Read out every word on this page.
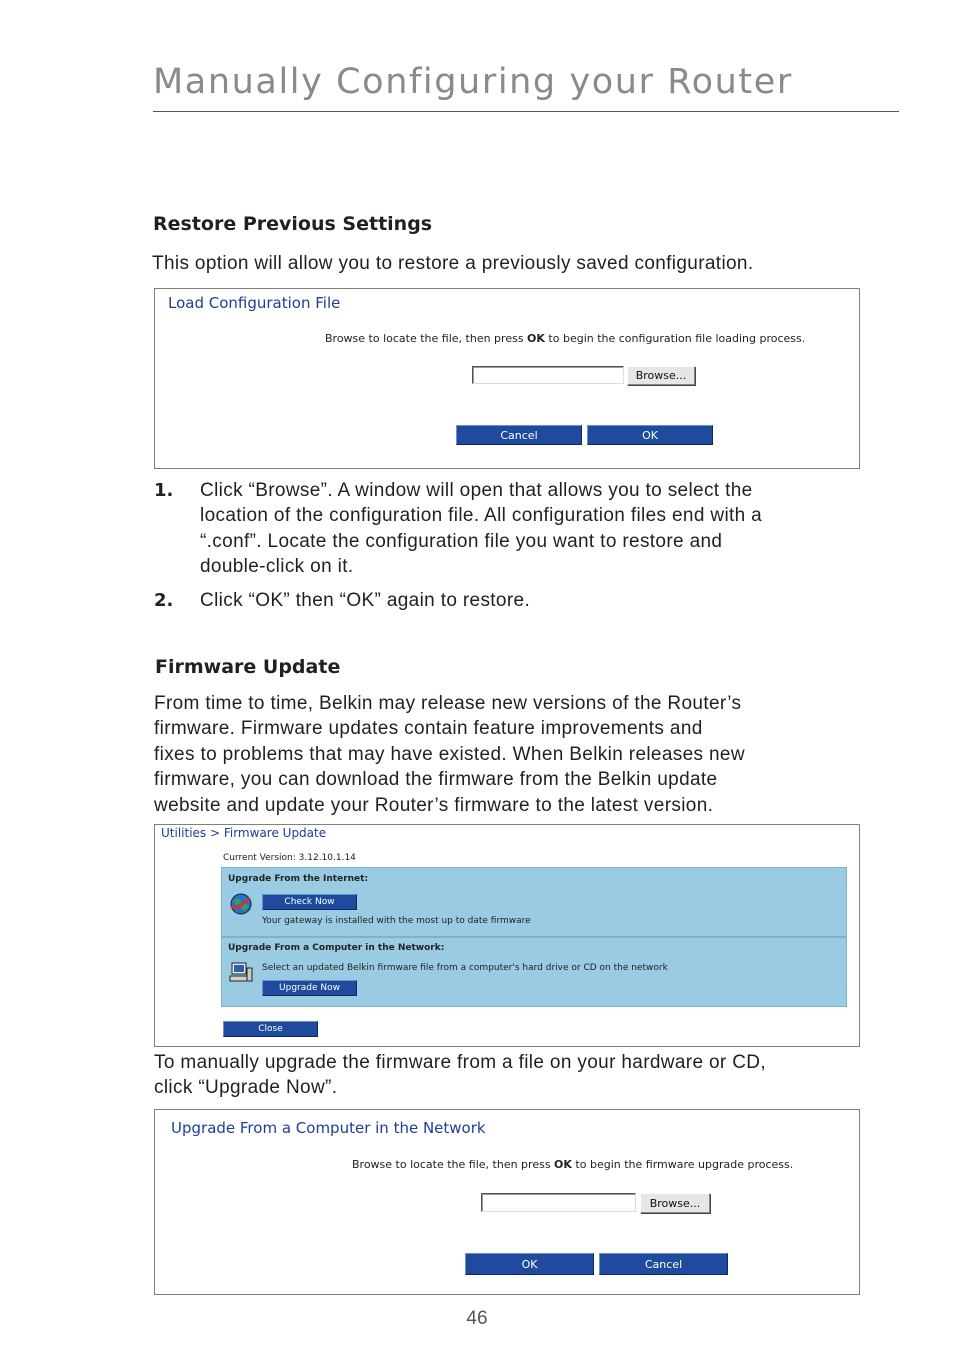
Manually Configuring your Router
Restore Previous Settings
This option will allow you to restore a previously saved configuration.
Load Configuration File
Browse to locate the file, then press OK to begin the configuration file loading process.
Browse...
Cancel	OK
1. Click “Browse”. A window will open that allows you to select the
location of the configuration file. All configuration files end with a
“.conf”. Locate the configuration file you want to restore and
double-click on it.
2. Click “OK” then “OK” again to restore.
Firmware Update
From time to time, Belkin may release new versions of the Router’s
firmware. Firmware updates contain feature improvements and
fixes to problems that may have existed. When Belkin releases new
firmware, you can download the firmware from the Belkin update
website and update your Router’s firmware to the latest version.
Utilities > Firmware Update
Current Version: 3.12.10.1.14
Upgrade From the Internet:
Check Now
Your gateway is installed with the most up to date firmware
Upgrade From a Computer in the Network:
Select an updated Belkin firmware file from a computer's hard drive or CD on the network
Upgrade Now
Close
To manually upgrade the firmware from a file on your hardware or CD,
click “Upgrade Now”.
Upgrade From a Computer in the Network
Browse to locate the file, then press OK to begin the firmware upgrade process.
Browse...
OK	Cancel
46
